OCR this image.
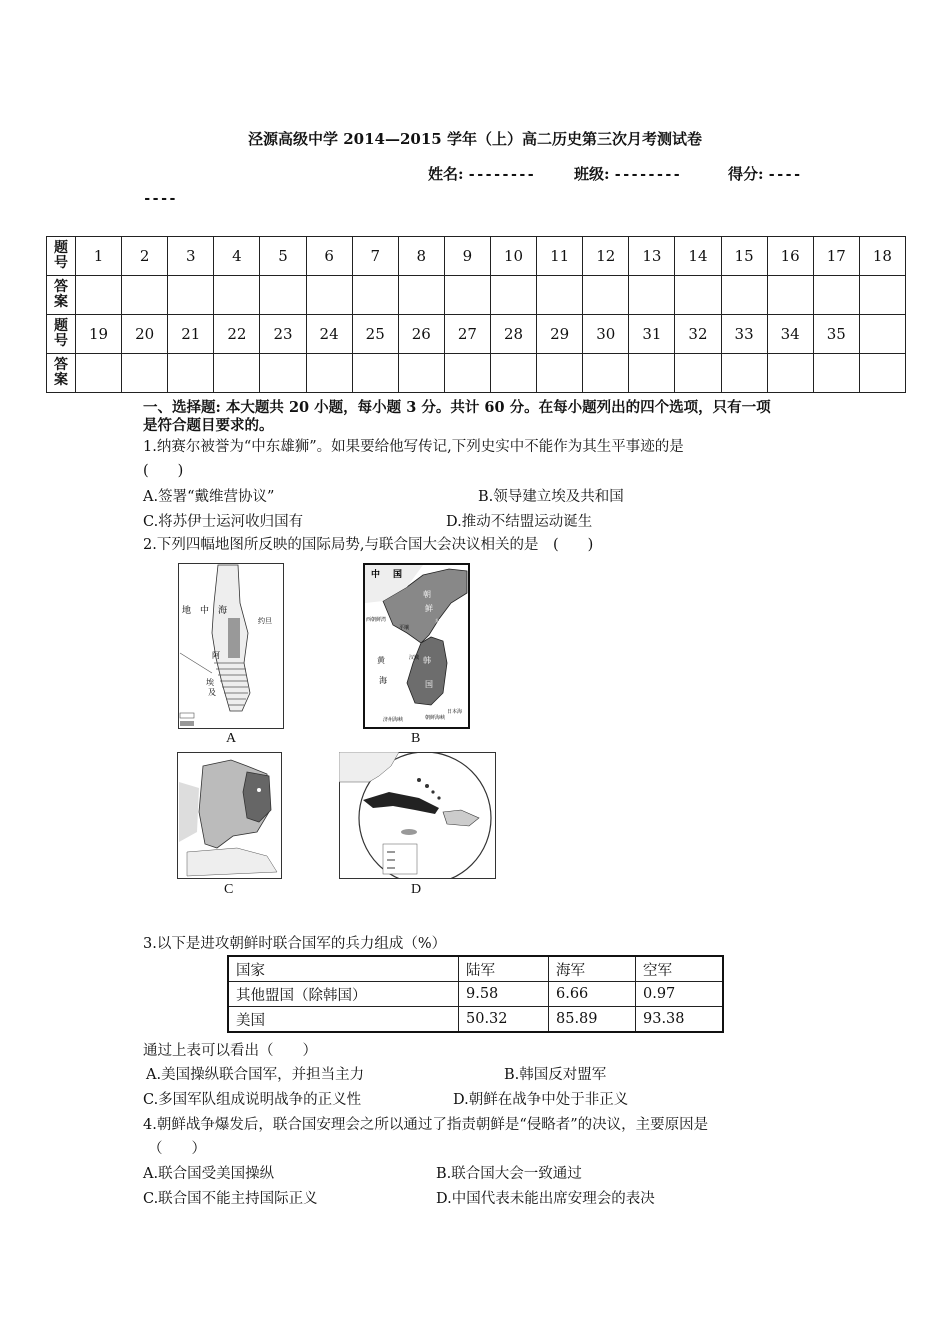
泾源高级中学 2014—2015 学年（上）高二历史第三次月考测试卷
姓名: --------	班级: --------	得分: ----
----
题号	1	2	3	4	5	6	7	8	9	10	11	12	13	14	15	16	17	18
答案																		
题号	19	20	21	22	23	24	25	26	27	28	29	30	31	32	33	34	35	
答案																		
一、选择题: 本大题共 20 小题，每小题 3 分。共计 60 分。在每小题列出的四个选项，只有一项
是符合题目要求的。
1.纳赛尔被誉为“中东雄狮”。如果要给他写传记,下列史实中不能作为其生平事迹的是
(　　)
A.签署“戴维营协议”	B.领导建立埃及共和国
C.将苏伊士运河收归国有	D.推动不结盟运动诞生
2.下列四幅地图所反映的国际局势,与联合国大会决议相关的是　(　　)
地　中　海
阿
埃
及
约旦
A
中 国
朝
鲜
韩
国
西朝鲜湾	东朝鲜湾
平壤
汉城
黄
海
日本海
济州海峡	朝鲜海峡
B
C	D
3.以下是进攻朝鲜时联合国军的兵力组成（%）
国家	陆军	海军	空军
其他盟国（除韩国）	9.58	6.66	0.97
美国	50.32	85.89	93.38
通过上表可以看出（　　）
A.美国操纵联合国军，并担当主力	B.韩国反对盟军
C.多国军队组成说明战争的正义性	D.朝鲜在战争中处于非正义
4.朝鲜战争爆发后，联合国安理会之所以通过了指责朝鲜是“侵略者”的决议，主要原因是
（　　）
A.联合国受美国操纵	B.联合国大会一致通过
C.联合国不能主持国际正义	D.中国代表未能出席安理会的表决
